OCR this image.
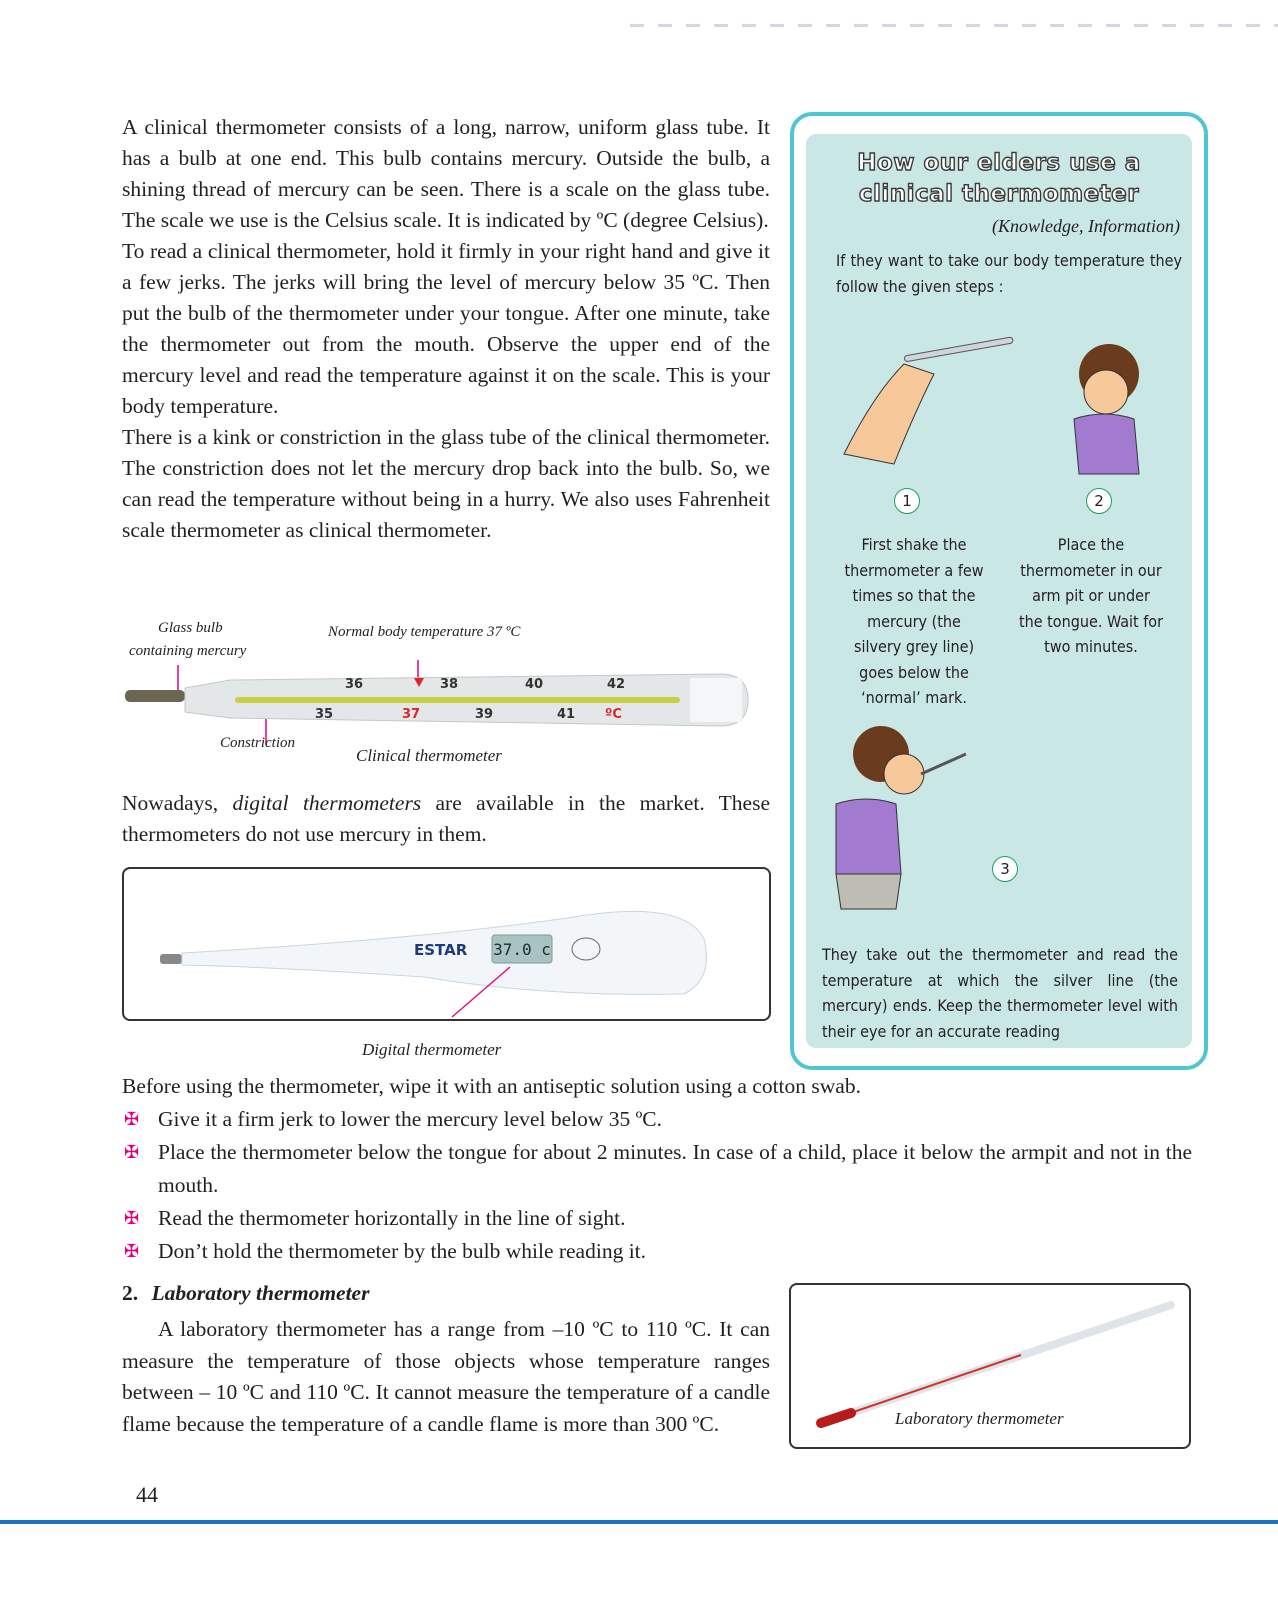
A clinical thermometer consists of a long, narrow, uniform glass tube. It has a bulb at one end. This bulb contains mercury. Outside the bulb, a shining thread of mercury can be seen. There is a scale on the glass tube. The scale we use is the Celsius scale. It is indicated by ºC (degree Celsius).

To read a clinical thermometer, hold it firmly in your right hand and give it a few jerks. The jerks will bring the level of mercury below 35 ºC. Then put the bulb of the thermometer under your tongue. After one minute, take the thermometer out from the mouth. Observe the upper end of the mercury level and read the temperature against it on the scale. This is your body temperature.

There is a kink or constriction in the glass tube of the clinical thermometer. The constriction does not let the mercury drop back into the bulb. So, we can read the temperature without being in a hurry. We also uses Fahrenheit scale thermometer as clinical thermometer.

Glass bulb
containing mercury
Normal body temperature 37 ºC
36	38	40	42
35	37	39	41 ºC
Constriction
Clinical thermometer

Nowadays, digital thermometers are available in the market. These thermometers do not use mercury in them.

37.0 c
ESTAR
Digital thermometer
How our elders use a
clinical thermometer
(Knowledge, Information)
If they want to take our body temperature they follow the given steps :
1	2
First shake the thermometer a few times so that the mercury (the silvery grey line) goes below the ‘normal’ mark.
Place the thermometer in our arm pit or under the tongue. Wait for two minutes.
3
They take out the thermometer and read the temperature at which the silver line (the mercury) ends. Keep the thermometer level with their eye for an accurate reading
Before using the thermometer, wipe it with an antiseptic solution using a cotton swab.
✠ Give it a firm jerk to lower the mercury level below 35 ºC.
✠ Place the thermometer below the tongue for about 2 minutes. In case of a child, place it below the armpit and not in the mouth.
✠ Read the thermometer horizontally in the line of sight.
✠ Don’t hold the thermometer by the bulb while reading it.
2. Laboratory thermometer

A laboratory thermometer has a range from –10 ºC to 110 ºC. It can measure the temperature of those objects whose temperature ranges between – 10 ºC and 110 ºC. It cannot measure the temperature of a candle flame because the temperature of a candle flame is more than 300 ºC.	Laboratory thermometer
44
